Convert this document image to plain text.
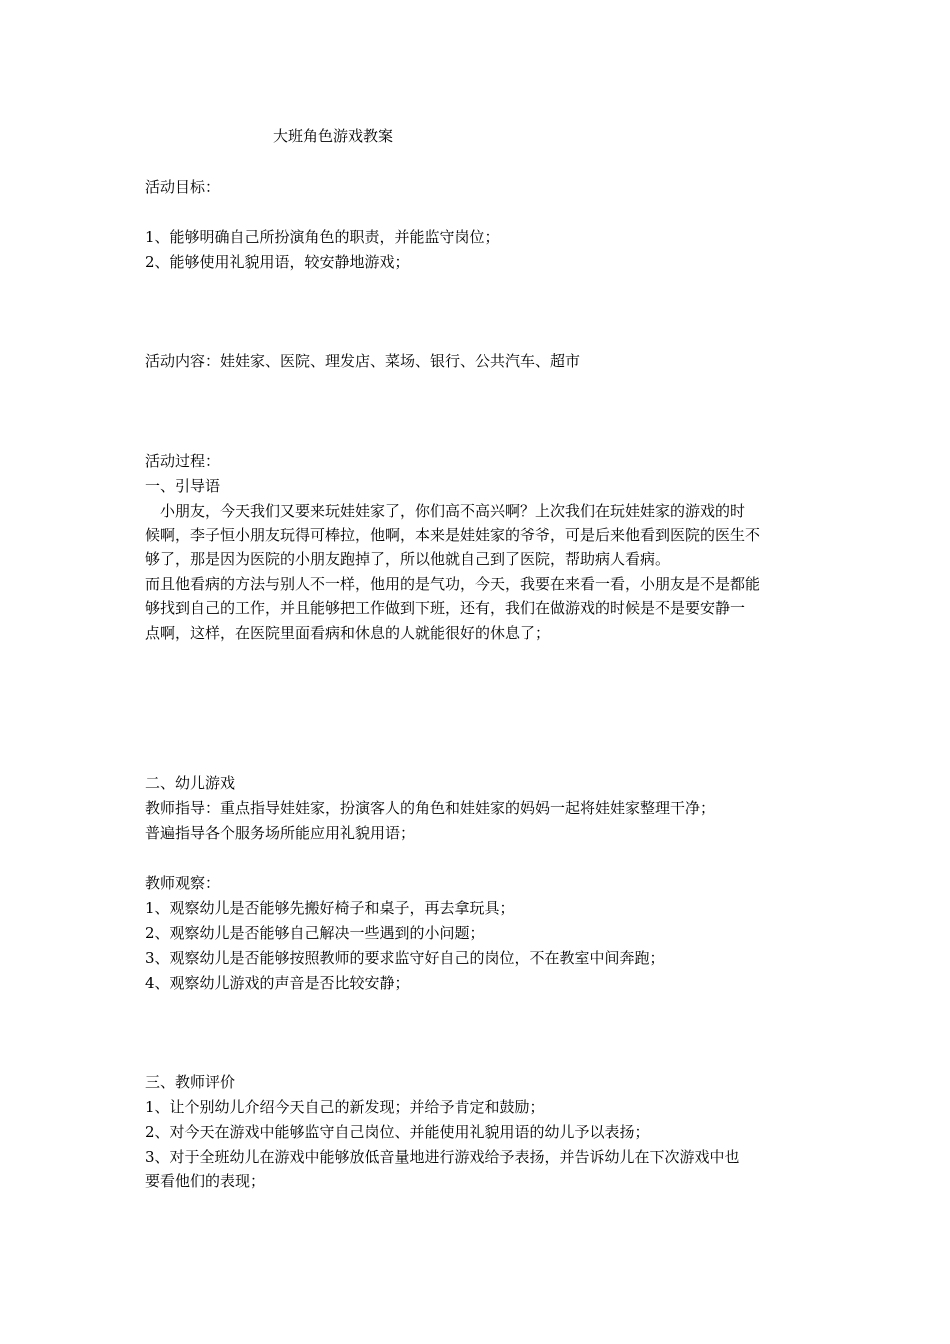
大班角色游戏教案
活动目标：
1、能够明确自己所扮演角色的职责，并能监守岗位；
2、能够使用礼貌用语，较安静地游戏；
活动内容：娃娃家、医院、理发店、菜场、银行、公共汽车、超市
活动过程：
一、引导语
　小朋友，今天我们又要来玩娃娃家了，你们高不高兴啊？上次我们在玩娃娃家的游戏的时
候啊，李子恒小朋友玩得可棒拉，他啊，本来是娃娃家的爷爷，可是后来他看到医院的医生不
够了，那是因为医院的小朋友跑掉了，所以他就自己到了医院，帮助病人看病。
而且他看病的方法与别人不一样，他用的是气功，今天，我要在来看一看，小朋友是不是都能
够找到自己的工作，并且能够把工作做到下班，还有，我们在做游戏的时候是不是要安静一
点啊，这样，在医院里面看病和休息的人就能很好的休息了；
二、幼儿游戏
教师指导：重点指导娃娃家，扮演客人的角色和娃娃家的妈妈一起将娃娃家整理干净；
普遍指导各个服务场所能应用礼貌用语；
教师观察：
1、观察幼儿是否能够先搬好椅子和桌子，再去拿玩具；
2、观察幼儿是否能够自己解决一些遇到的小问题；
3、观察幼儿是否能够按照教师的要求监守好自己的岗位，不在教室中间奔跑；
4、观察幼儿游戏的声音是否比较安静；
三、教师评价
1、让个别幼儿介绍今天自己的新发现；并给予肯定和鼓励；
2、对今天在游戏中能够监守自己岗位、并能使用礼貌用语的幼儿予以表扬；
3、对于全班幼儿在游戏中能够放低音量地进行游戏给予表扬，并告诉幼儿在下次游戏中也
要看他们的表现；
